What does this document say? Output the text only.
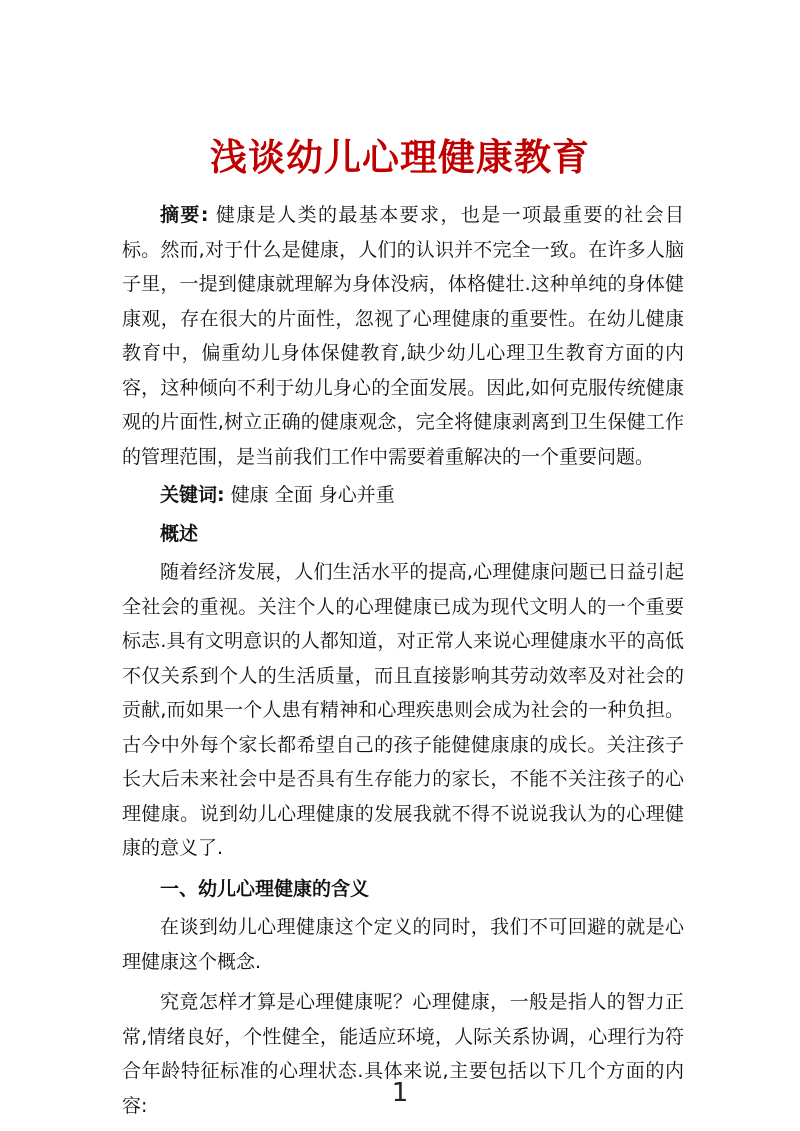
浅谈幼儿心理健康教育

摘要: 健康是人类的最基本要求，也是一项最重要的社会目标。然而,对于什么是健康，人们的认识并不完全一致。在许多人脑子里，一提到健康就理解为身体没病，体格健壮.这种单纯的身体健康观，存在很大的片面性，忽视了心理健康的重要性。在幼儿健康教育中，偏重幼儿身体保健教育,缺少幼儿心理卫生教育方面的内容，这种倾向不利于幼儿身心的全面发展。因此,如何克服传统健康观的片面性,树立正确的健康观念，完全将健康剥离到卫生保健工作的管理范围，是当前我们工作中需要着重解决的一个重要问题。

关键词: 健康 全面 身心并重

概述

随着经济发展，人们生活水平的提高,心理健康问题已日益引起全社会的重视。关注个人的心理健康已成为现代文明人的一个重要标志.具有文明意识的人都知道，对正常人来说心理健康水平的高低不仅关系到个人的生活质量，而且直接影响其劳动效率及对社会的贡献,而如果一个人患有精神和心理疾患则会成为社会的一种负担。古今中外每个家长都希望自己的孩子能健健康康的成长。关注孩子长大后未来社会中是否具有生存能力的家长，不能不关注孩子的心理健康。说到幼儿心理健康的发展我就不得不说说我认为的心理健康的意义了.

一、幼儿心理健康的含义

在谈到幼儿心理健康这个定义的同时，我们不可回避的就是心理健康这个概念.

究竟怎样才算是心理健康呢？心理健康，一般是指人的智力正常,情绪良好，个性健全，能适应环境，人际关系协调，心理行为符合年龄特征标准的心理状态.具体来说,主要包括以下几个方面的内容:	1
